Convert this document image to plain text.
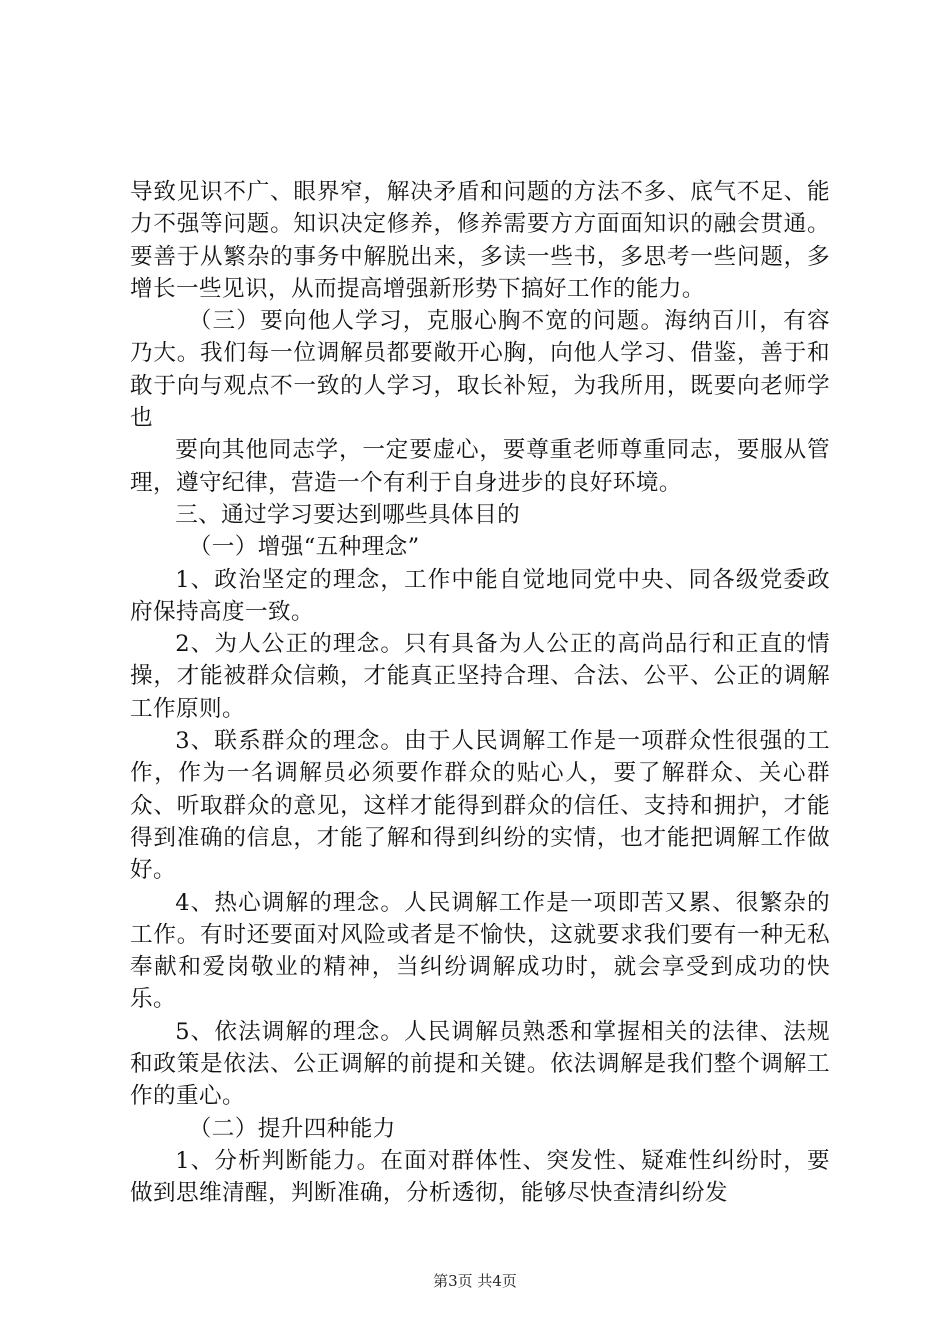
导致见识不广、眼界窄，解决矛盾和问题的方法不多、底气不足、能力不强等问题。知识决定修养，修养需要方方面面知识的融会贯通。要善于从繁杂的事务中解脱出来，多读一些书，多思考一些问题，多增长一些见识，从而提高增强新形势下搞好工作的能力。

（三）要向他人学习，克服心胸不宽的问题。海纳百川，有容乃大。我们每一位调解员都要敞开心胸，向他人学习、借鉴，善于和敢于向与观点不一致的人学习，取长补短，为我所用，既要向老师学也

要向其他同志学，一定要虚心，要尊重老师尊重同志，要服从管理，遵守纪律，营造一个有利于自身进步的良好环境。

三、通过学习要达到哪些具体目的

（一）增强“五种理念”

1、政治坚定的理念，工作中能自觉地同党中央、同各级党委政府保持高度一致。

2、为人公正的理念。只有具备为人公正的高尚品行和正直的情操，才能被群众信赖，才能真正坚持合理、合法、公平、公正的调解工作原则。

3、联系群众的理念。由于人民调解工作是一项群众性很强的工作，作为一名调解员必须要作群众的贴心人，要了解群众、关心群众、听取群众的意见，这样才能得到群众的信任、支持和拥护，才能得到准确的信息，才能了解和得到纠纷的实情，也才能把调解工作做好。

4、热心调解的理念。人民调解工作是一项即苦又累、很繁杂的工作。有时还要面对风险或者是不愉快，这就要求我们要有一种无私奉献和爱岗敬业的精神，当纠纷调解成功时，就会享受到成功的快乐。

5、依法调解的理念。人民调解员熟悉和掌握相关的法律、法规和政策是依法、公正调解的前提和关键。依法调解是我们整个调解工作的重心。

（二）提升四种能力

1、分析判断能力。在面对群体性、突发性、疑难性纠纷时，要做到思维清醒，判断准确，分析透彻，能够尽快查清纠纷发

第3页 共4页
